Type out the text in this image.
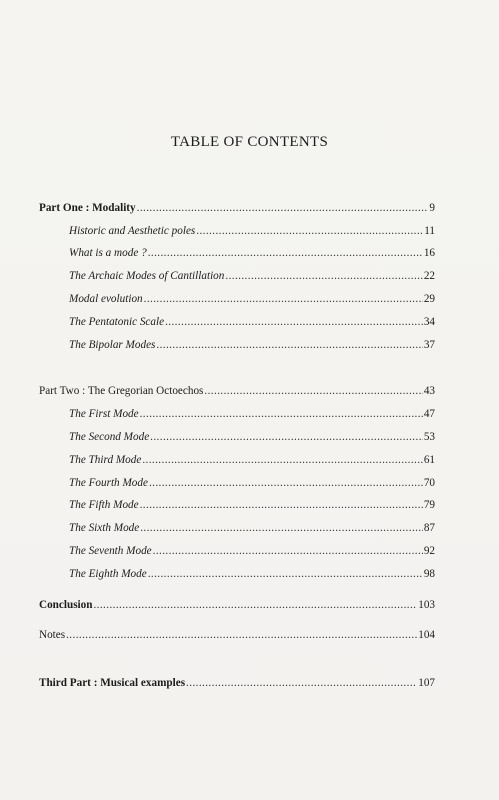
TABLE OF CONTENTS
Part One : Modality .....	9
Historic and Aesthetic poles .....	11
What is a mode ? .....	16
The Archaic Modes of Cantillation .....	22
Modal evolution .....	29
The Pentatonic Scale .....	34
The Bipolar Modes .....	37
Part Two : The Gregorian Octoechos .....	43
The First Mode .....	47
The Second Mode .....	53
The Third Mode .....	61
The Fourth Mode .....	70
The Fifth Mode .....	79
The Sixth Mode .....	87
The Seventh Mode .....	92
The Eighth Mode .....	98
Conclusion .....	103
Notes .....	104
Third Part : Musical examples .....	107
